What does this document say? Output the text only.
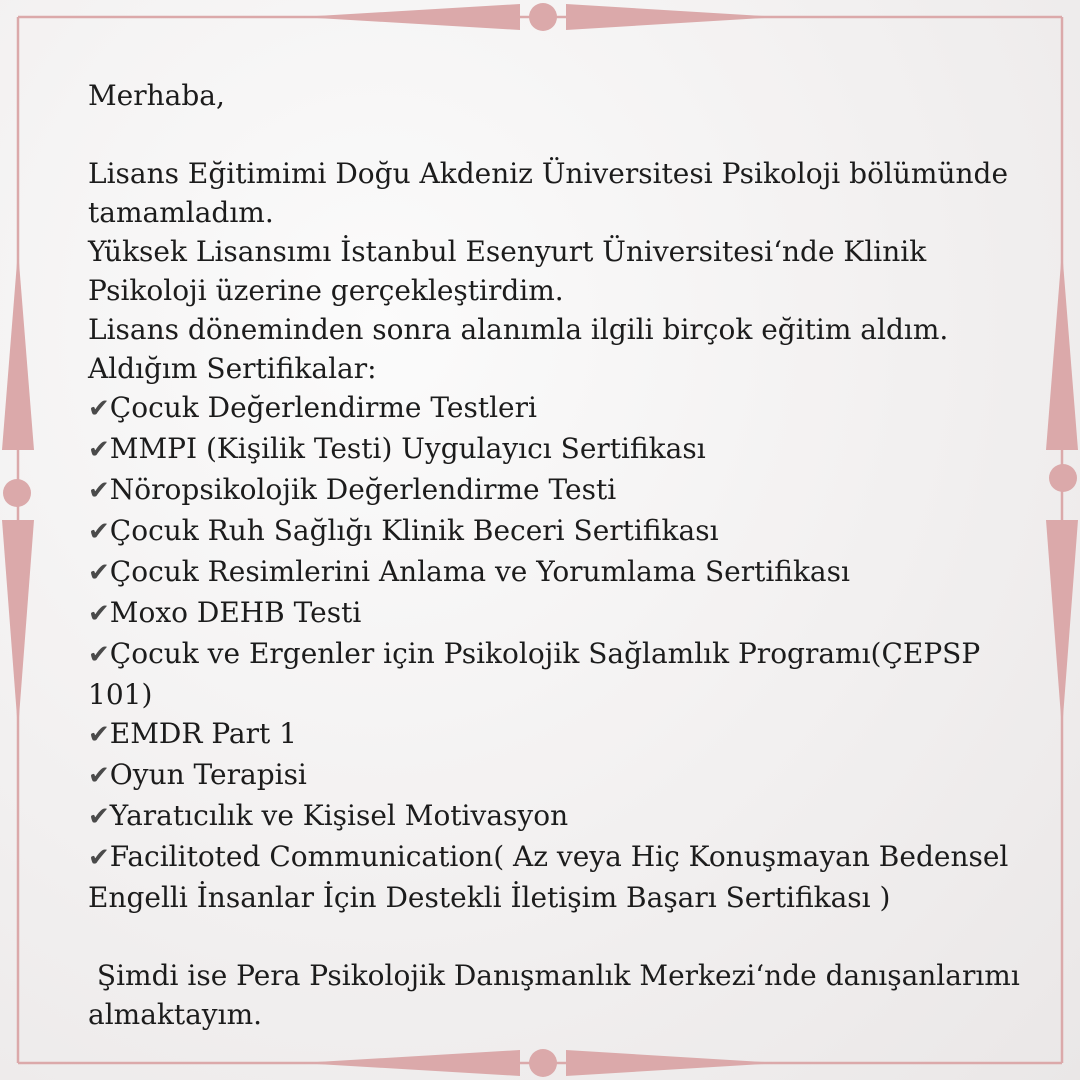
Merhaba,

Lisans Eğitimimi Doğu Akdeniz Üniversitesi Psikoloji bölümünde tamamladım.

Yüksek Lisansımı İstanbul Esenyurt Üniversitesi‘nde Klinik Psikoloji üzerine gerçekleştirdim.

Lisans döneminden sonra alanımla ilgili birçok eğitim aldım.

Aldığım Sertifikalar:

✔Çocuk Değerlendirme Testleri

✔MMPI (Kişilik Testi) Uygulayıcı Sertifikası

✔Nöropsikolojik Değerlendirme Testi

✔Çocuk Ruh Sağlığı Klinik Beceri Sertifikası

✔Çocuk Resimlerini Anlama ve Yorumlama Sertifikası

✔Moxo DEHB Testi

✔Çocuk ve Ergenler için Psikolojik Sağlamlık Programı(ÇEPSP 101)

✔EMDR Part 1

✔Oyun Terapisi

✔Yaratıcılık ve Kişisel Motivasyon

✔Facilitoted Communication( Az veya Hiç Konuşmayan Bedensel Engelli İnsanlar İçin Destekli İletişim Başarı Sertifikası )

Şimdi ise Pera Psikolojik Danışmanlık Merkezi‘nde danışanlarımı almaktayım.
